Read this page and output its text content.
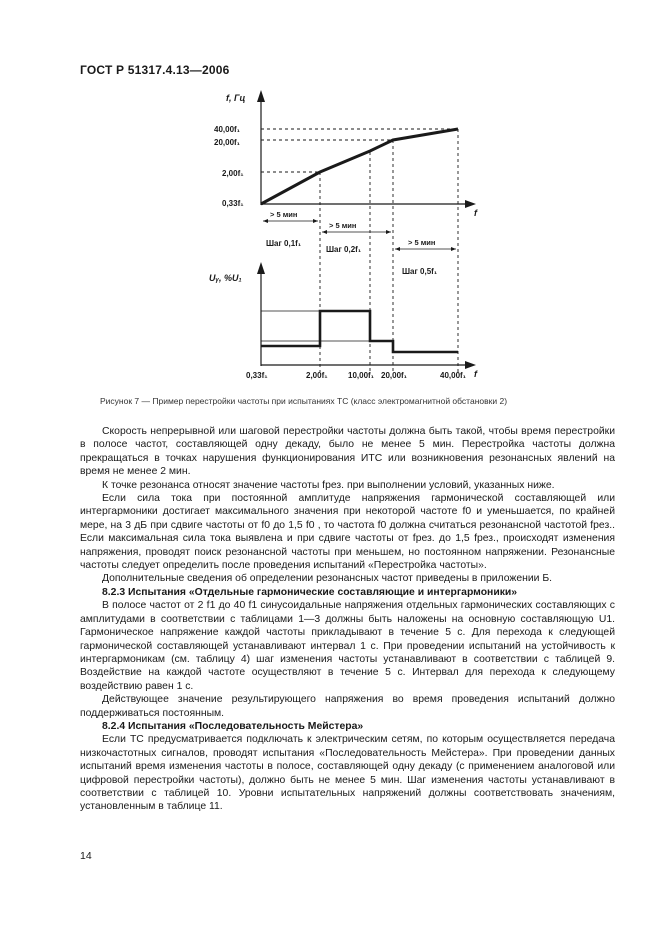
ГОСТ Р 51317.4.13—2006
f, Гц
f
40,00f₁
20,00f₁
2,00f₁
0,33f₁
> 5 мин
> 5 мин
> 5 мин
Шаг 0,1f₁
Шаг 0,2f₁
Шаг 0,5f₁
Uᵧ, %U₁
f
0,33f₁	2,00f₁	10,00f₁ 20,00f₁	40,00f₁
Рисунок 7 — Пример перестройки частоты при испытаниях ТС (класс электромагнитной обстановки 2)

Скорость непрерывной или шаговой перестройки частоты должна быть такой, чтобы время перестройки в полосе частот, составляющей одну декаду, было не менее 5 мин. Перестройка частоты должна прекращаться в точках нарушения функционирования ИТС или возникновения резонансных явлений на время не менее 2 мин.

К точке резонанса относят значение частоты fрез. при выполнении условий, указанных ниже.

Если сила тока при постоянной амплитуде напряжения гармонической составляющей или интергармоники достигает максимального значения при некоторой частоте f0 и уменьшается, по крайней мере, на 3 дБ при сдвиге частоты от f0 до 1,5 f0 , то частота f0 должна считаться резонансной частотой fрез.. Если максимальная сила тока выявлена и при сдвиге частоты от fрез. до 1,5 fрез., происходят изменения напряжения, проводят поиск резонансной частоты при меньшем, но постоянном напряжении. Резонансные частоты следует определить после проведения испытаний «Перестройка частоты».

Дополнительные сведения об определении резонансных частот приведены в приложении Б.

8.2.3 Испытания «Отдельные гармонические составляющие и интергармоники»

В полосе частот от 2 f1 до 40 f1 синусоидальные напряжения отдельных гармонических составляющих с амплитудами в соответствии с таблицами 1—3 должны быть наложены на основную составляющую U1. Гармоническое напряжение каждой частоты прикладывают в течение 5 с. Для перехода к следующей гармонической составляющей устанавливают интервал 1 с. При проведении испытаний на устойчивость к интергармоникам (см. таблицу 4) шаг изменения частоты устанавливают в соответствии с таблицей 9. Воздействие на каждой частоте осуществляют в течение 5 с. Интервал для перехода к следующему воздействию равен 1 с.

Действующее значение результирующего напряжения во время проведения испытаний должно поддерживаться постоянным.

8.2.4 Испытания «Последовательность Мейстера»

Если ТС предусматривается подключать к электрическим сетям, по которым осуществляется передача низкочастотных сигналов, проводят испытания «Последовательность Мейстера». При проведении данных испытаний время изменения частоты в полосе, составляющей одну декаду (с применением аналоговой или цифровой перестройки частоты), должно быть не менее 5 мин. Шаг изменения частоты устанавливают в соответствии с таблицей 10. Уровни испытательных напряжений должны соответствовать значениям, установленным в таблице 11.

14
